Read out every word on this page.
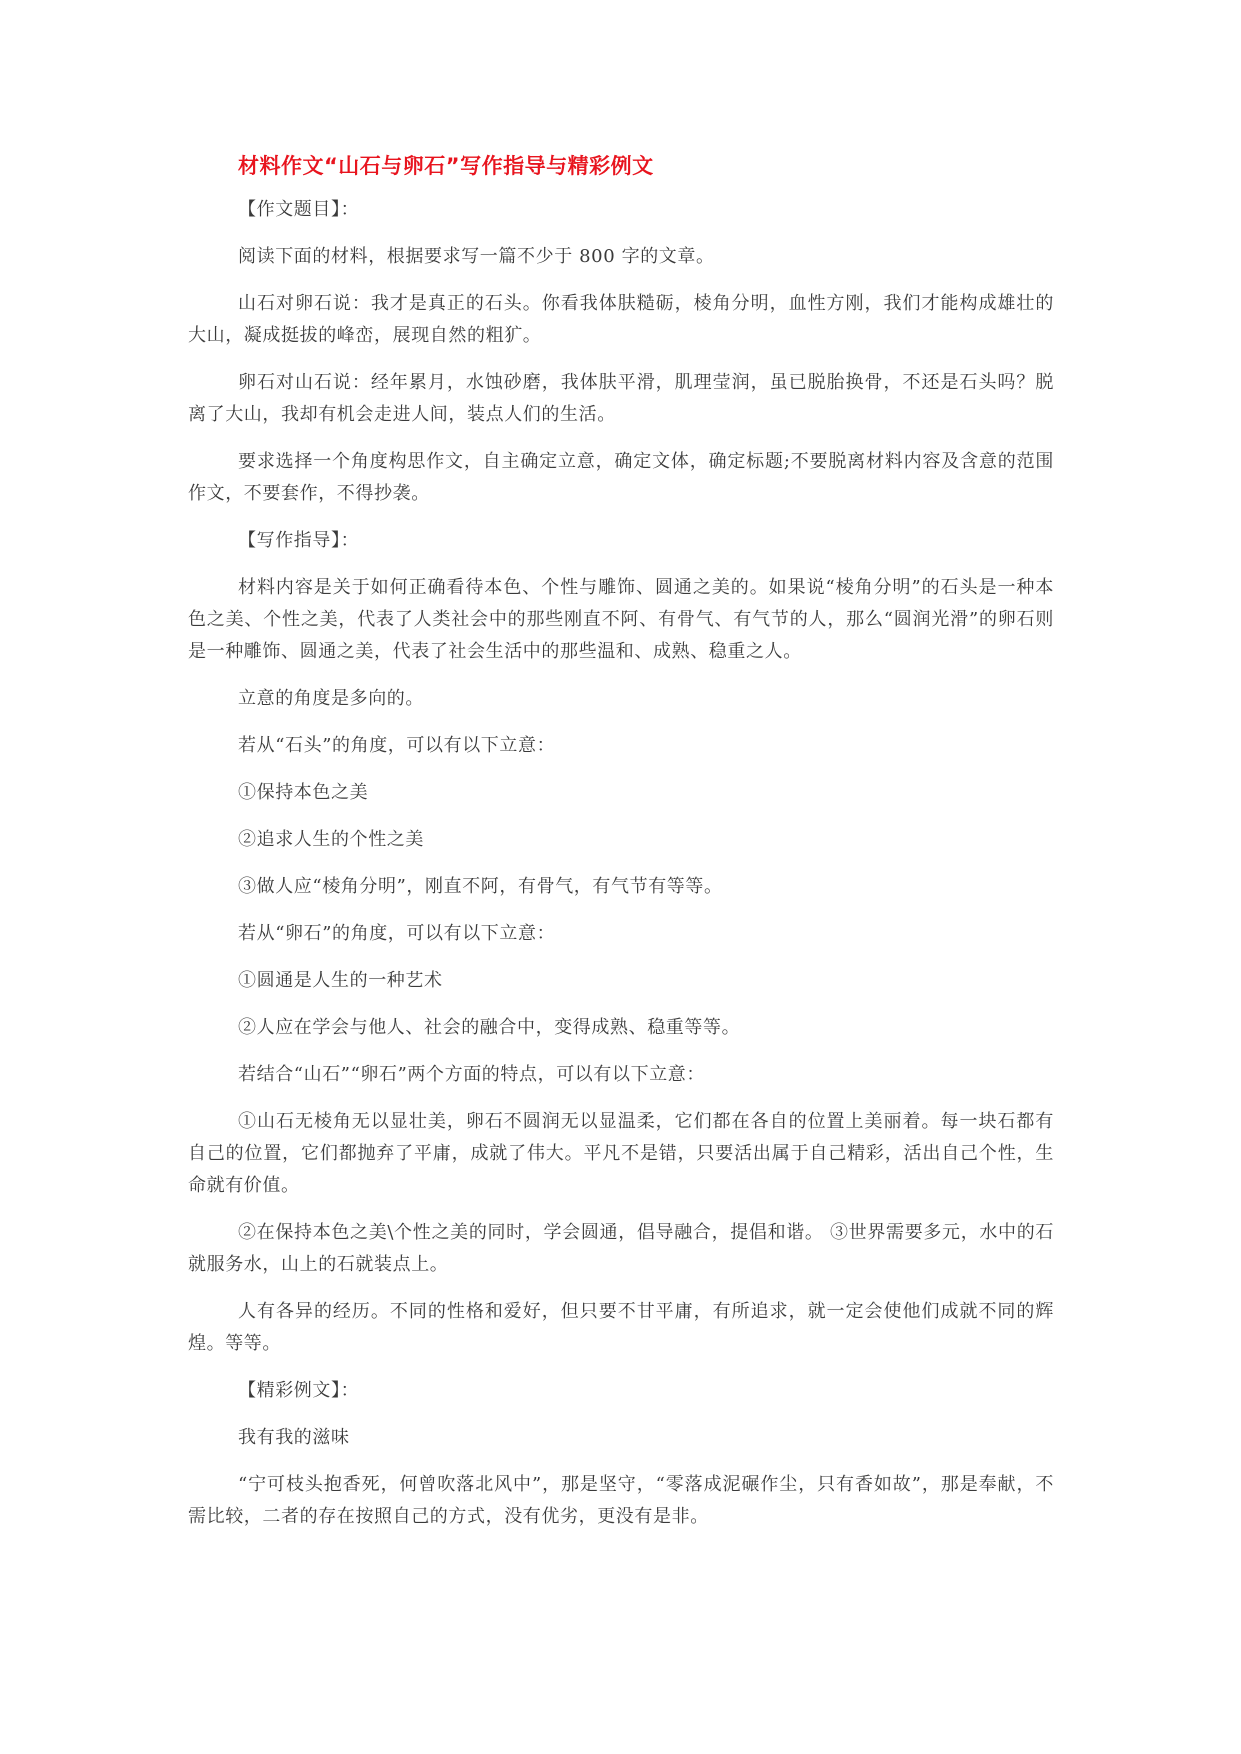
材料作文“山石与卵石”写作指导与精彩例文

【作文题目】：

阅读下面的材料，根据要求写一篇不少于 800 字的文章。

山石对卵石说：我才是真正的石头。你看我体肤糙砺，棱角分明，血性方刚，我们才能构成雄壮的大山，凝成挺拔的峰峦，展现自然的粗犷。

卵石对山石说：经年累月，水蚀砂磨，我体肤平滑，肌理莹润，虽已脱胎换骨，不还是石头吗？脱离了大山，我却有机会走进人间，装点人们的生活。

要求选择一个角度构思作文，自主确定立意，确定文体，确定标题;不要脱离材料内容及含意的范围作文，不要套作，不得抄袭。

【写作指导】：

材料内容是关于如何正确看待本色、个性与雕饰、圆通之美的。如果说“棱角分明”的石头是一种本色之美、个性之美，代表了人类社会中的那些刚直不阿、有骨气、有气节的人，那么“圆润光滑”的卵石则是一种雕饰、圆通之美，代表了社会生活中的那些温和、成熟、稳重之人。

立意的角度是多向的。

若从“石头”的角度，可以有以下立意：

①保持本色之美

②追求人生的个性之美

③做人应“棱角分明”，刚直不阿，有骨气，有气节有等等。

若从“卵石”的角度，可以有以下立意：

①圆通是人生的一种艺术

②人应在学会与他人、社会的融合中，变得成熟、稳重等等。

若结合“山石”“卵石”两个方面的特点，可以有以下立意：

①山石无棱角无以显壮美，卵石不圆润无以显温柔，它们都在各自的位置上美丽着。每一块石都有自己的位置，它们都抛弃了平庸，成就了伟大。平凡不是错，只要活出属于自己精彩，活出自己个性，生命就有价值。

②在保持本色之美\个性之美的同时，学会圆通，倡导融合，提倡和谐。 ③世界需要多元，水中的石就服务水，山上的石就装点上。

人有各异的经历。不同的性格和爱好，但只要不甘平庸，有所追求，就一定会使他们成就不同的辉煌。等等。

【精彩例文】：

我有我的滋味

“宁可枝头抱香死，何曾吹落北风中”，那是坚守，“零落成泥碾作尘，只有香如故”，那是奉献，不需比较，二者的存在按照自己的方式，没有优劣，更没有是非。
